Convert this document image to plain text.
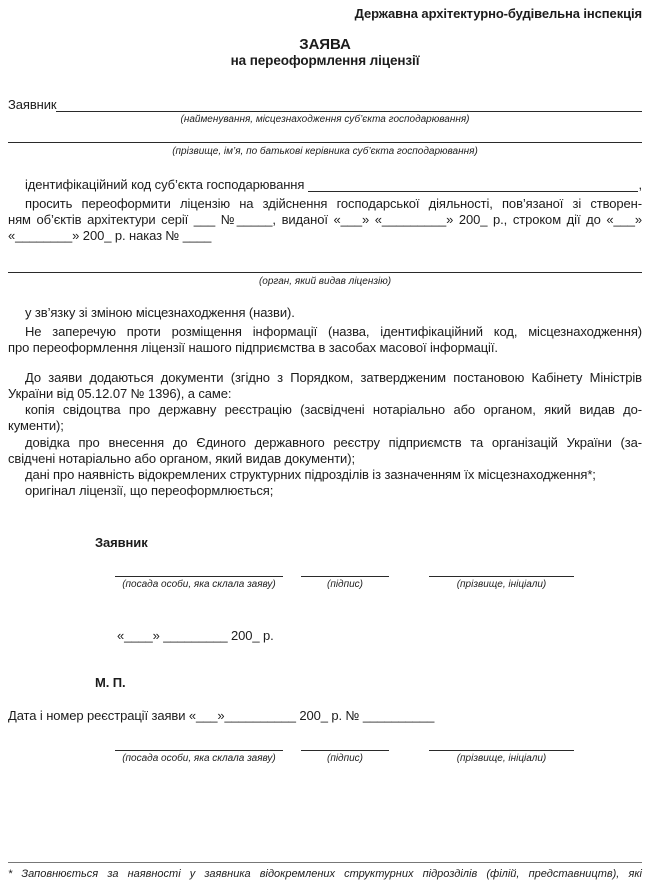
Державна архітектурно-будівельна інспекція
ЗАЯВА
на переоформлення ліцензії
Заявник
(найменування, місцезнаходження суб’єкта господарювання)
(прізвище, ім’я, по батькові керівника суб’єкта господарювання)
ідентифікаційний код суб’єкта господарювання	,
просить переоформити ліцензію на здійснення господарської діяльності, пов’язаної зі створен-
ням об’єктів архітектури серії ___ №_____, виданої «___» «_________» 200_ р., строком дії до «___»
«________» 200_ р. наказ № ____
(орган, який видав ліцензію)
у зв’язку зі зміною місцезнаходження (назви).
Не заперечую проти розміщення інформації (назва, ідентифікаційний код, місцезнаходження)
про переоформлення ліцензії нашого підприємства в засобах масової інформації.
До заяви додаються документи (згідно з Порядком, затвердженим постановою Кабінету Міністрів
України від 05.12.07 № 1396), а саме:
копія свідоцтва про державну реєстрацію (засвідчені нотаріально або органом, який видав до-
кументи);
довідка про внесення до Єдиного державного реєстру підприємств та організацій України (за-
свідчені нотаріально або органом, який видав документи);
дані про наявність відокремлених структурних підрозділів із зазначенням їх місцезнаходження*;
оригінал ліцензії, що переоформлюється;
Заявник
(посада особи, яка склала заяву)	(підпис)	(прізвище, ініціали)
«____» _________ 200_ р.
М. П.
Дата і номер реєстрації заяви «___»__________ 200_ р. № __________
(посада особи, яка склала заяву)	(підпис)	(прізвище, ініціали)
* Заповнюється за наявності у заявника відокремлених структурних підрозділів (філій, представництв), які
